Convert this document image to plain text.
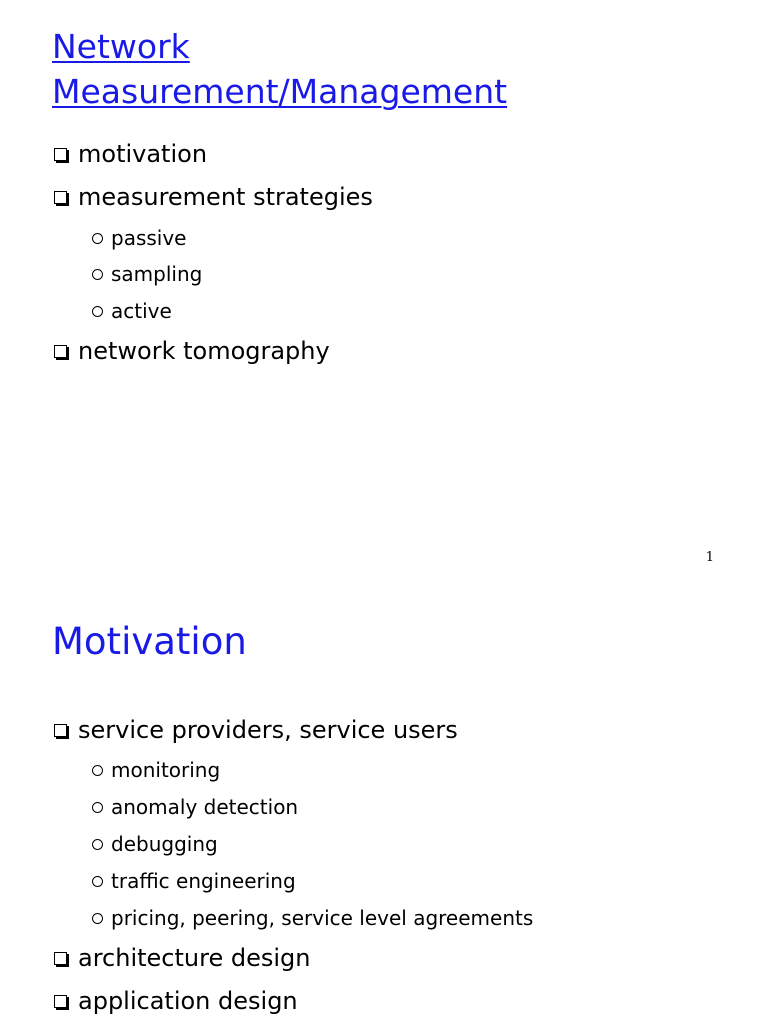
Network
Measurement/Management
motivation
measurement strategies
passive
sampling
active
network tomography
1
Motivation
service providers, service users
monitoring
anomaly detection
debugging
traffic engineering
pricing, peering, service level agreements
architecture design
application design
